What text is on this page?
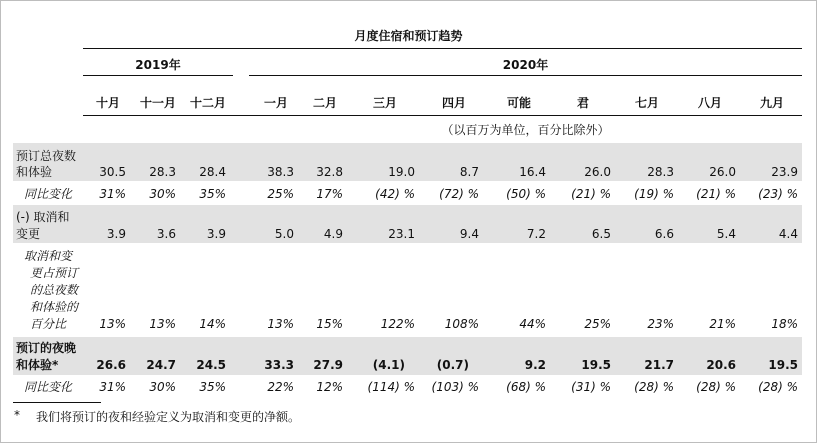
月度住宿和预订趋势
2019年	2020年
十月	十一月	十二月	一月	二月	三月	四月	可能	君	七月	八月	九月
（以百万为单位，百分比除外）
预订总夜数
和体验	30.5	28.3	28.4	38.3	32.8	19.0	8.7	16.4	26.0	28.3	26.0	23.9
同比变化	31%	30%	35%	25%	17%	(42) %	(72) %	(50) %	(21) %	(19) %	(21) %	(23) %
(-) 取消和
变更	3.9	3.6	3.9	5.0	4.9	23.1	9.4	7.2	6.5	6.6	5.4	4.4
取消和变
更占预订
的总夜数
和体验的
百分比	13%	13%	14%	13%	15%	122%	108%	44%	25%	23%	21%	18%
预订的夜晚
和体验*	26.6	24.7	24.5	33.3	27.9	(4.1)	(0.7)	9.2	19.5	21.7	20.6	19.5
同比变化	31%	30%	35%	22%	12%	(114) %	(103) %	(68) %	(31) %	(28) %	(28) %	(28) %
* 我们将预订的夜和经验定义为取消和变更的净额。
